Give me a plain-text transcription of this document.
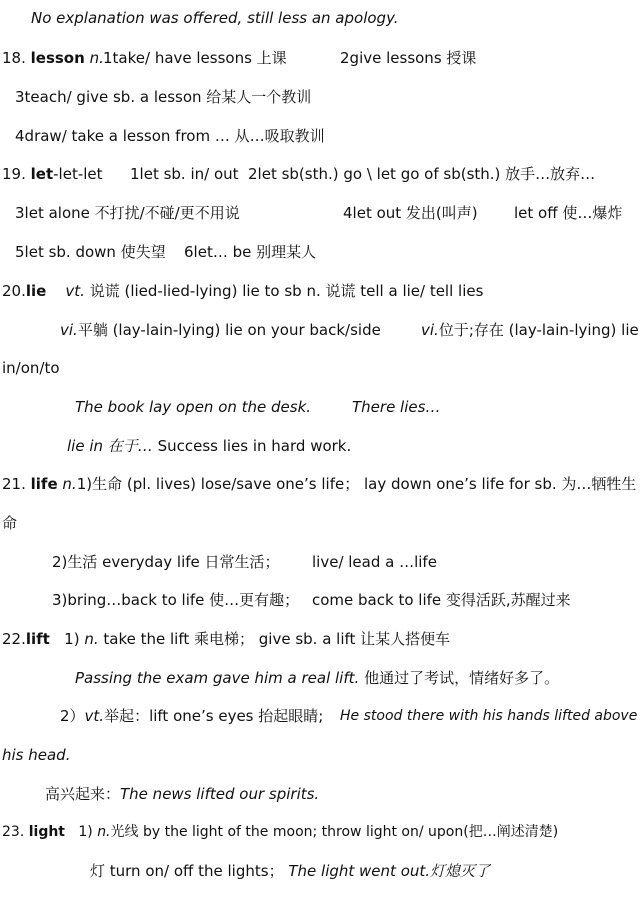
No explanation was offered, still less an apology.
18. lesson n. 1take/ have lessons 上课	2give lessons 授课
3teach/ give sb. a lesson 给某人一个教训
4draw/ take a lesson from … 从…吸取教训
19. let-let-let 1let sb. in/ out 2let sb(sth.) go \ let go of sb(sth.) 放手…放弃…
3let alone 不打扰/不碰/更不用说	4let out 发出(叫声) let off 使…爆炸
5let sb. down 使失望 6let… be 别理某人
20.lie vt. 说谎 (lied-lied-lying) lie to sb n. 说谎 tell a lie/ tell lies
vi.平躺 (lay-lain-lying) lie on your back/side	vi.位于;存在 (lay-lain-lying) lie
in/on/to
The book lay open on the desk.	There lies…
lie in 在于… Success lies in hard work.
21. life n.1)生命 (pl. lives) lose/save one’s life； lay down one’s life for sb. 为…牺牲生
命
2)生活 everyday life 日常生活； live/ lead a …life
3)bring…back to life 使…更有趣； come back to life 变得活跃,苏醒过来
22.lift 1) n. take the lift 乘电梯； give sb. a lift 让某人搭便车
Passing the exam gave him a real lift. 他通过了考试，情绪好多了。
2）vt.举起：lift one’s eyes 抬起眼睛; He stood there with his hands lifted above
his head.
高兴起来：The news lifted our spirits.
23. light 1) n.光线 by the light of the moon; throw light on/ upon(把…阐述清楚)
灯 turn on/ off the lights； The light went out.灯熄灭了
